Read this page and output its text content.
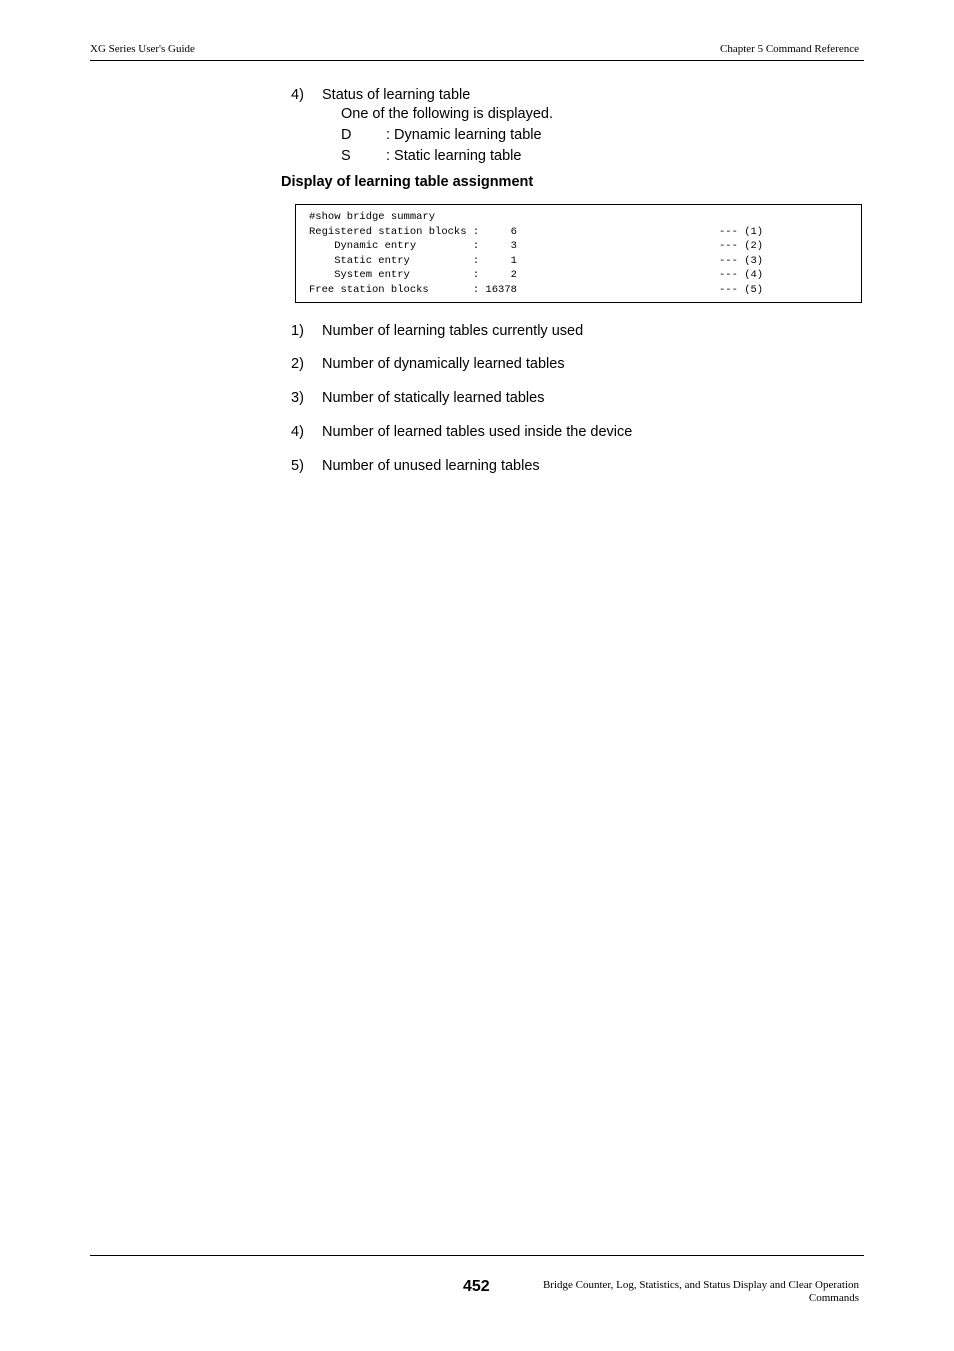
XG Series User's Guide	Chapter 5 Command Reference
4) Status of learning table
One of the following is displayed.
D : Dynamic learning table
S : Static learning table
Display of learning table assignment
#show bridge summary
Registered station blocks :     6	--- (1)
Dynamic entry         :     3	--- (2)
Static entry          :     1	--- (3)
System entry          :     2	--- (4)
Free station blocks       : 16378	--- (5)
1) Number of learning tables currently used
2) Number of dynamically learned tables
3) Number of statically learned tables
4) Number of learned tables used inside the device
5) Number of unused learning tables
452	Bridge Counter, Log, Statistics, and Status Display and Clear Operation
Commands
